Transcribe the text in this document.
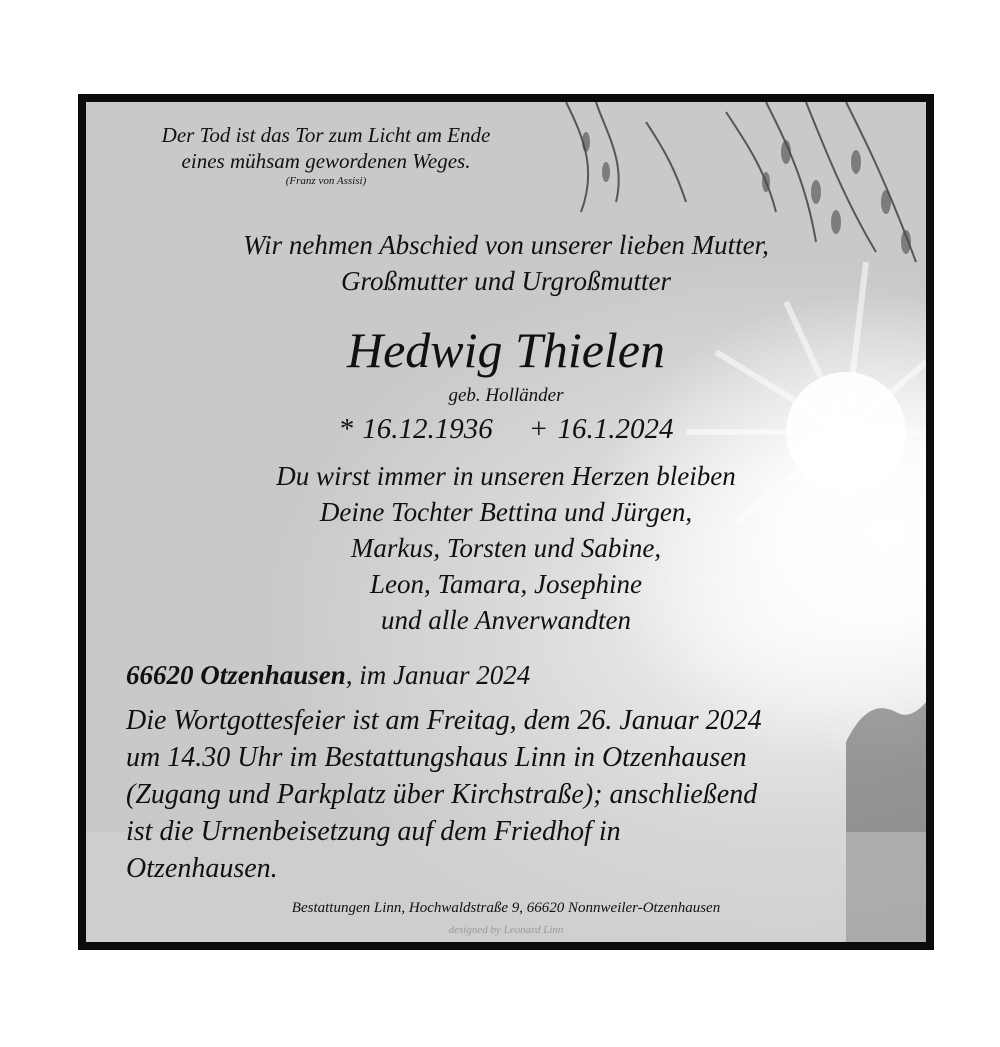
Der Tod ist das Tor zum Licht am Ende
eines mühsam gewordenen Weges.
(Franz von Assisi)
Wir nehmen Abschied von unserer lieben Mutter,
Großmutter und Urgroßmutter
Hedwig Thielen
geb. Holländer
* 16.12.1936 + 16.1.2024
Du wirst immer in unseren Herzen bleiben
Deine Tochter Bettina und Jürgen,
Markus, Torsten und Sabine,
Leon, Tamara, Josephine
und alle Anverwandten
66620 Otzenhausen, im Januar 2024
Die Wortgottesfeier ist am Freitag, dem 26. Januar 2024
um 14.30 Uhr im Bestattungshaus Linn in Otzenhausen
(Zugang und Parkplatz über Kirchstraße); anschließend
ist die Urnenbeisetzung auf dem Friedhof in
Otzenhausen.
Bestattungen Linn, Hochwaldstraße 9, 66620 Nonnweiler-Otzenhausen
designed by Leonard Linn
